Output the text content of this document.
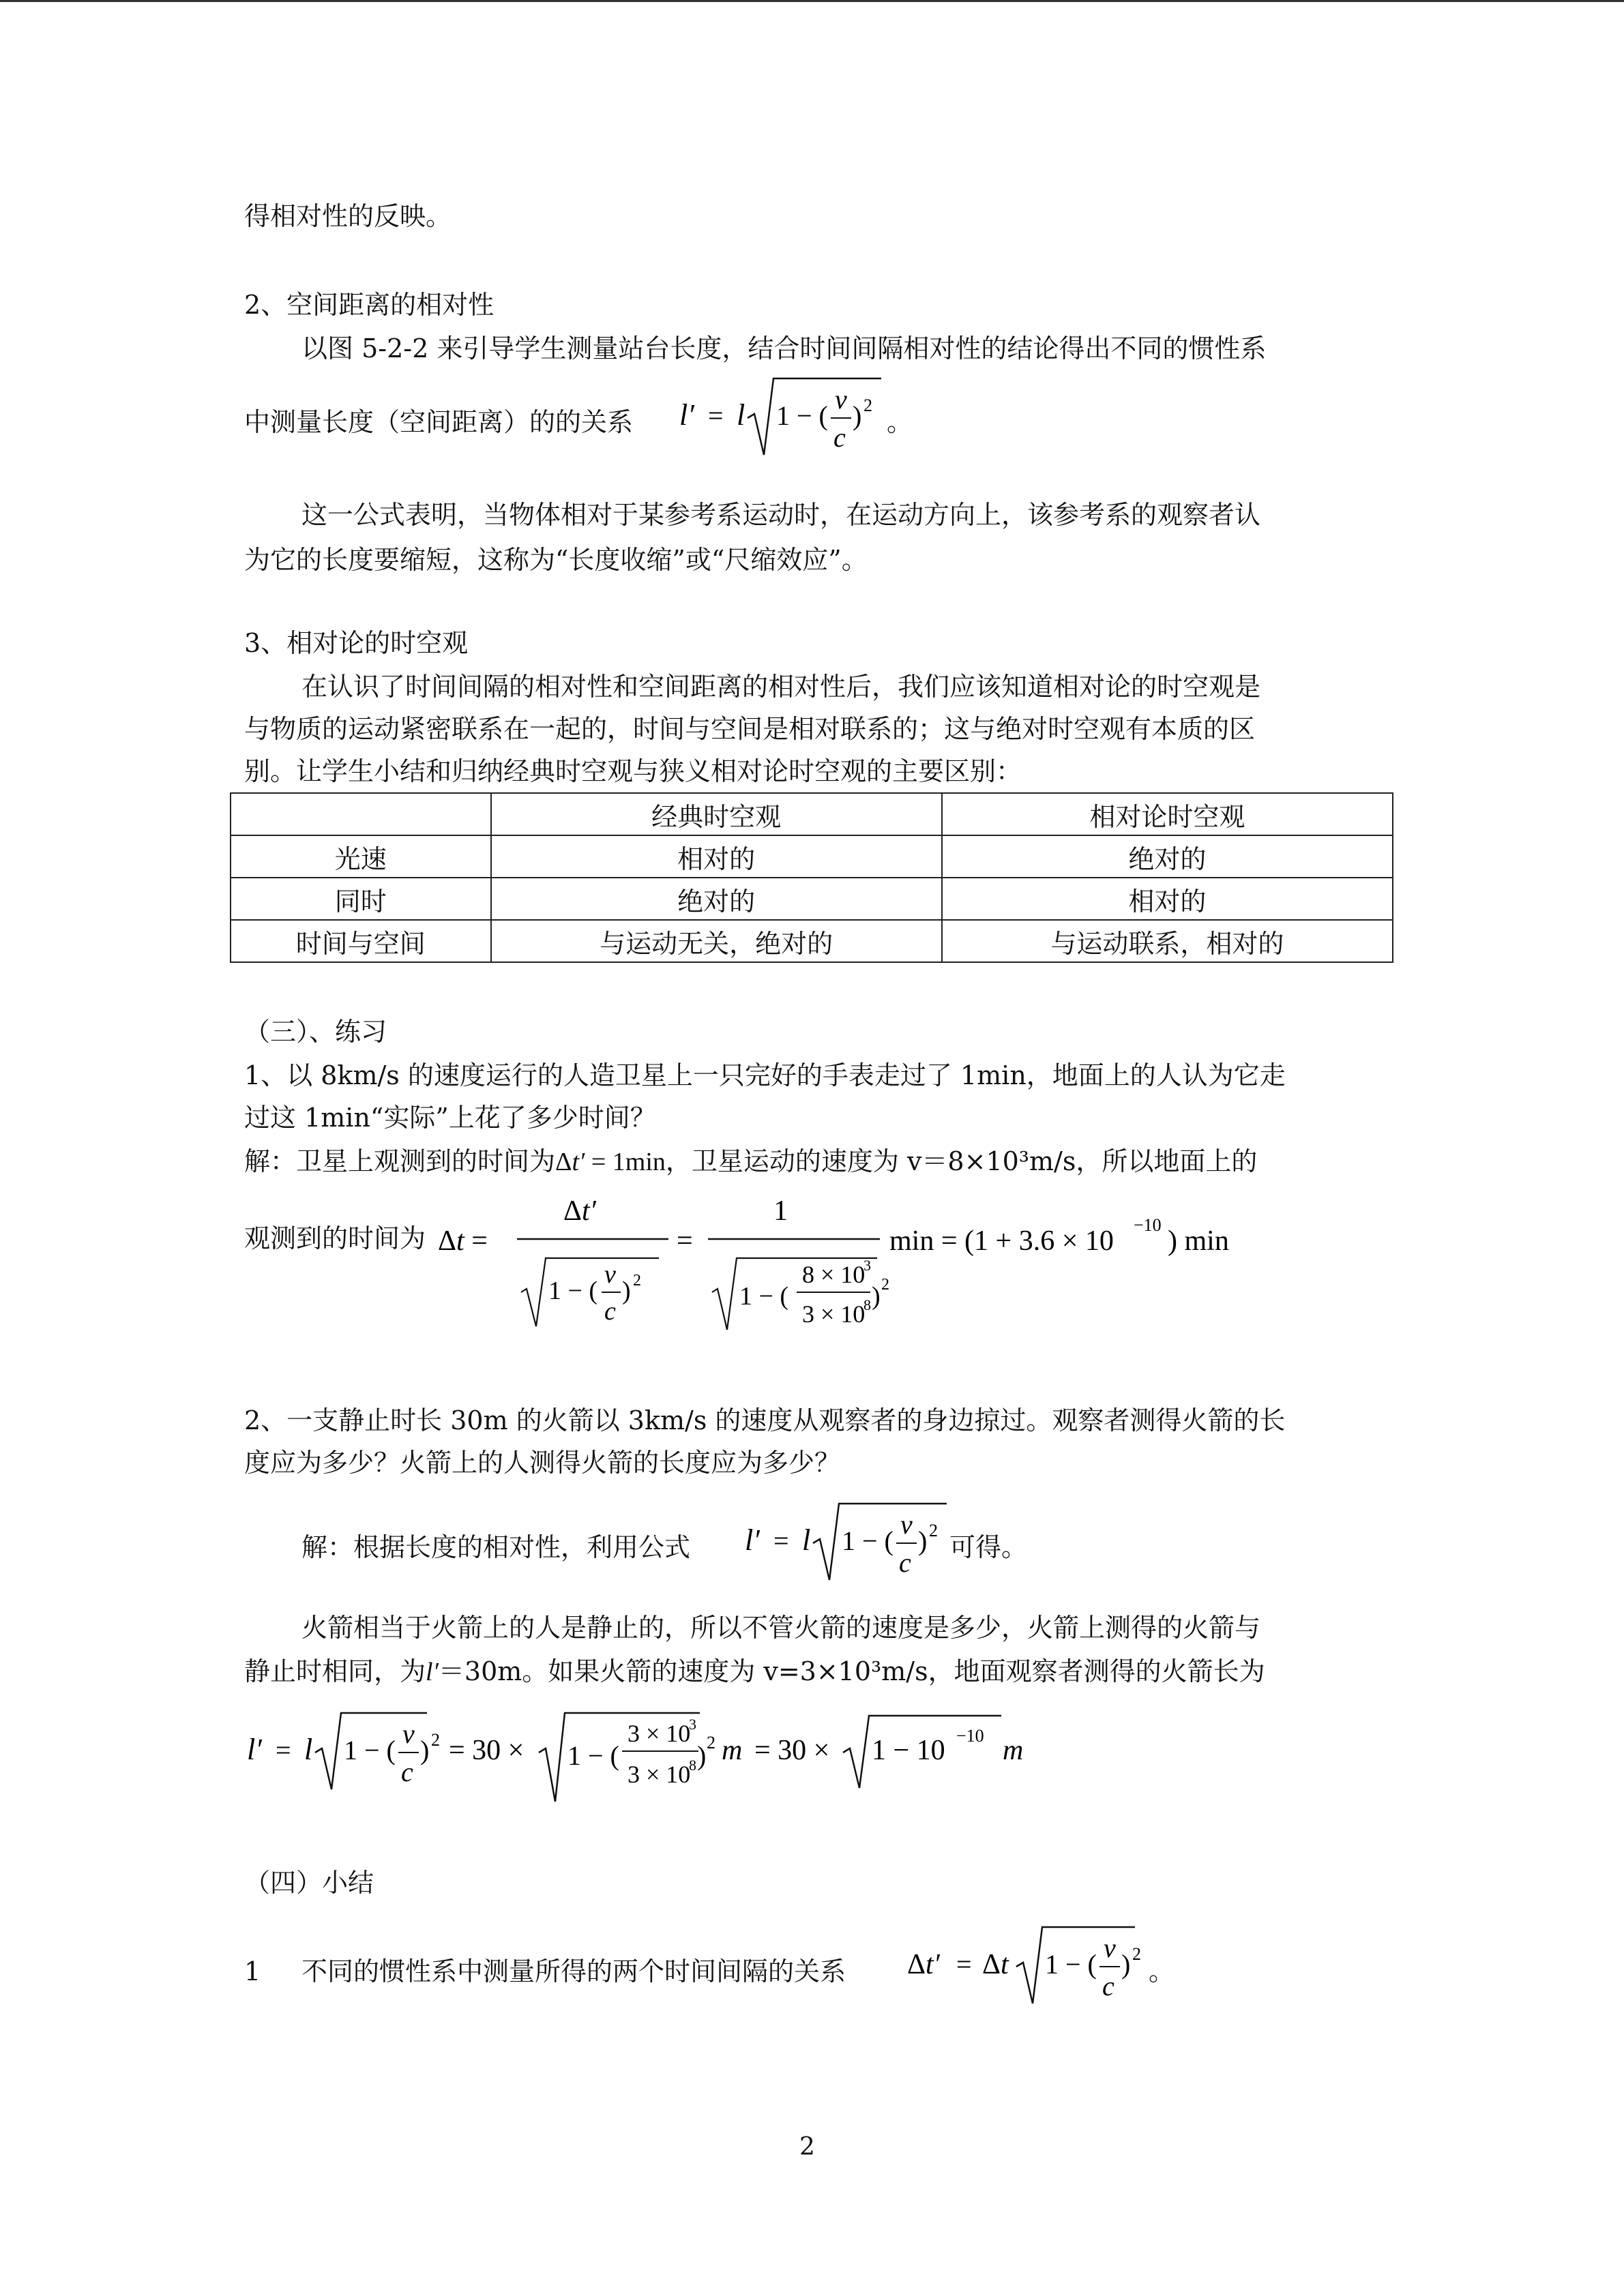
得相对性的反映。
2、空间距离的相对性
以图 5-2-2 来引导学生测量站台长度，结合时间间隔相对性的结论得出不同的惯性系
中测量长度（空间距离）的的关系 l′ = l 1 − (
v
c
) 2
。
这一公式表明，当物体相对于某参考系运动时，在运动方向上，该参考系的观察者认
为它的长度要缩短，这称为“长度收缩”或“尺缩效应”。
3、相对论的时空观
在认识了时间间隔的相对性和空间距离的相对性后，我们应该知道相对论的时空观是
与物质的运动紧密联系在一起的，时间与空间是相对联系的；这与绝对时空观有本质的区
别。让学生小结和归纳经典时空观与狭义相对论时空观的主要区别：
	经典时空观	相对论时空观
光速	相对的	绝对的
同时	绝对的	相对的
时间与空间	与运动无关，绝对的	与运动联系，相对的
（三）、练习
1、以 8km/s 的速度运行的人造卫星上一只完好的手表走过了 1min，地面上的人认为它走
过这 1min“实际”上花了多少时间？
解：卫星上观测到的时间为Δt′ = 1min，卫星运动的速度为 v＝8×10³m/s，所以地面上的
观测到的时间为 Δt =
Δt′
1 − (
v
c
) 2
=
1
1 − (
8 × 10
3
3 × 10
8 ) 2
min = (1 + 3.6 × 10
−10
) min
2、一支静止时长 30m 的火箭以 3km/s 的速度从观察者的身边掠过。观察者测得火箭的长
度应为多少？火箭上的人测得火箭的长度应为多少？
解：根据长度的相对性，利用公式 l′ = l 1 − (
v
c
) 2
可得。
火箭相当于火箭上的人是静止的，所以不管火箭的速度是多少，火箭上测得的火箭与
静止时相同，为l′＝30m。如果火箭的速度为 v=3×10³m/s，地面观察者测得的火箭长为
l′ = l 1 − (
v
c
) 2 = 30 × 1 − (
3 × 10
3
3 × 10
8 ) 2 m = 30 × 1 − 10 −10 m
（四）小结
1 不同的惯性系中测量所得的两个时间间隔的关系 Δt′ = Δt 1 − (
v
c
) 2
。
2
